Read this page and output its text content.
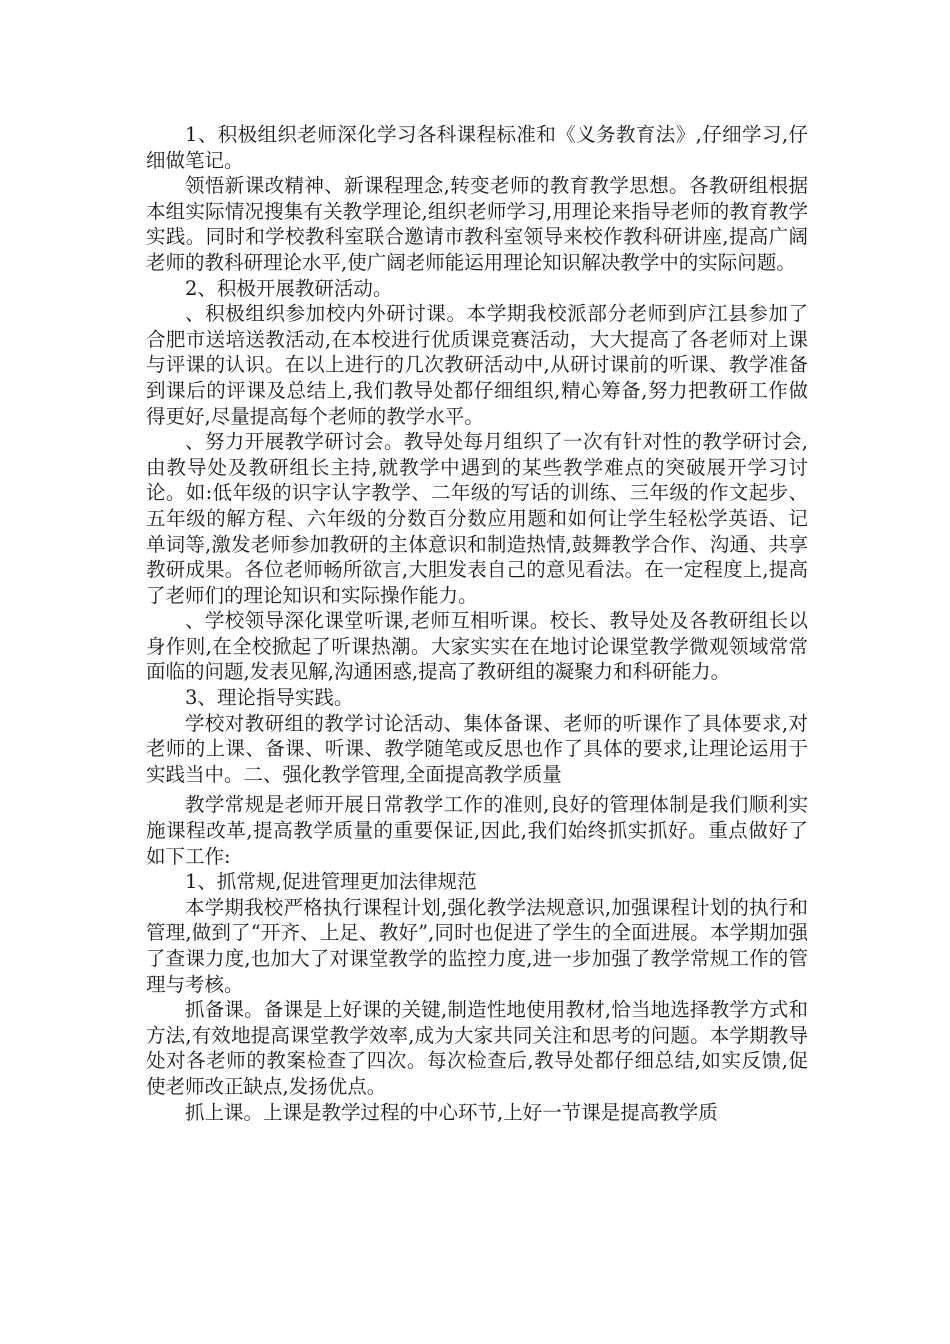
1、积极组织老师深化学习各科课程标准和《义务教育法》,仔细学习,仔细做笔记。

领悟新课改精神、新课程理念,转变老师的教育教学思想。各教研组根据本组实际情况搜集有关教学理论,组织老师学习,用理论来指导老师的教育教学实践。同时和学校教科室联合邀请市教科室领导来校作教科研讲座,提高广阔老师的教科研理论水平,使广阔老师能运用理论知识解决教学中的实际问题。

2、积极开展教研活动。

、积极组织参加校内外研讨课。本学期我校派部分老师到庐江县参加了合肥市送培送教活动,在本校进行优质课竞赛活动，大大提高了各老师对上课与评课的认识。在以上进行的几次教研活动中,从研讨课前的听课、教学准备到课后的评课及总结上,我们教导处都仔细组织,精心筹备,努力把教研工作做得更好,尽量提高每个老师的教学水平。

、努力开展教学研讨会。教导处每月组织了一次有针对性的教学研讨会,由教导处及教研组长主持,就教学中遇到的某些教学难点的突破展开学习讨论。如:低年级的识字认字教学、二年级的写话的训练、三年级的作文起步、五年级的解方程、六年级的分数百分数应用题和如何让学生轻松学英语、记单词等,激发老师参加教研的主体意识和制造热情,鼓舞教学合作、沟通、共享教研成果。各位老师畅所欲言,大胆发表自己的意见看法。在一定程度上,提高了老师们的理论知识和实际操作能力。

、学校领导深化课堂听课,老师互相听课。校长、教导处及各教研组长以身作则,在全校掀起了听课热潮。大家实实在在地讨论课堂教学微观领域常常面临的问题,发表见解,沟通困惑,提高了教研组的凝聚力和科研能力。

3、理论指导实践。

学校对教研组的教学讨论活动、集体备课、老师的听课作了具体要求,对老师的上课、备课、听课、教学随笔或反思也作了具体的要求,让理论运用于实践当中。二、强化教学管理,全面提高教学质量

教学常规是老师开展日常教学工作的准则,良好的管理体制是我们顺利实施课程改革,提高教学质量的重要保证,因此,我们始终抓实抓好。重点做好了如下工作:

1、抓常规,促进管理更加法律规范

本学期我校严格执行课程计划,强化教学法规意识,加强课程计划的执行和管理,做到了“开齐、上足、教好”,同时也促进了学生的全面进展。本学期加强了查课力度,也加大了对课堂教学的监控力度,进一步加强了教学常规工作的管理与考核。

抓备课。备课是上好课的关键,制造性地使用教材,恰当地选择教学方式和方法,有效地提高课堂教学效率,成为大家共同关注和思考的问题。本学期教导处对各老师的教案检查了四次。每次检查后,教导处都仔细总结,如实反馈,促使老师改正缺点,发扬优点。

抓上课。上课是教学过程的中心环节,上好一节课是提高教学质
